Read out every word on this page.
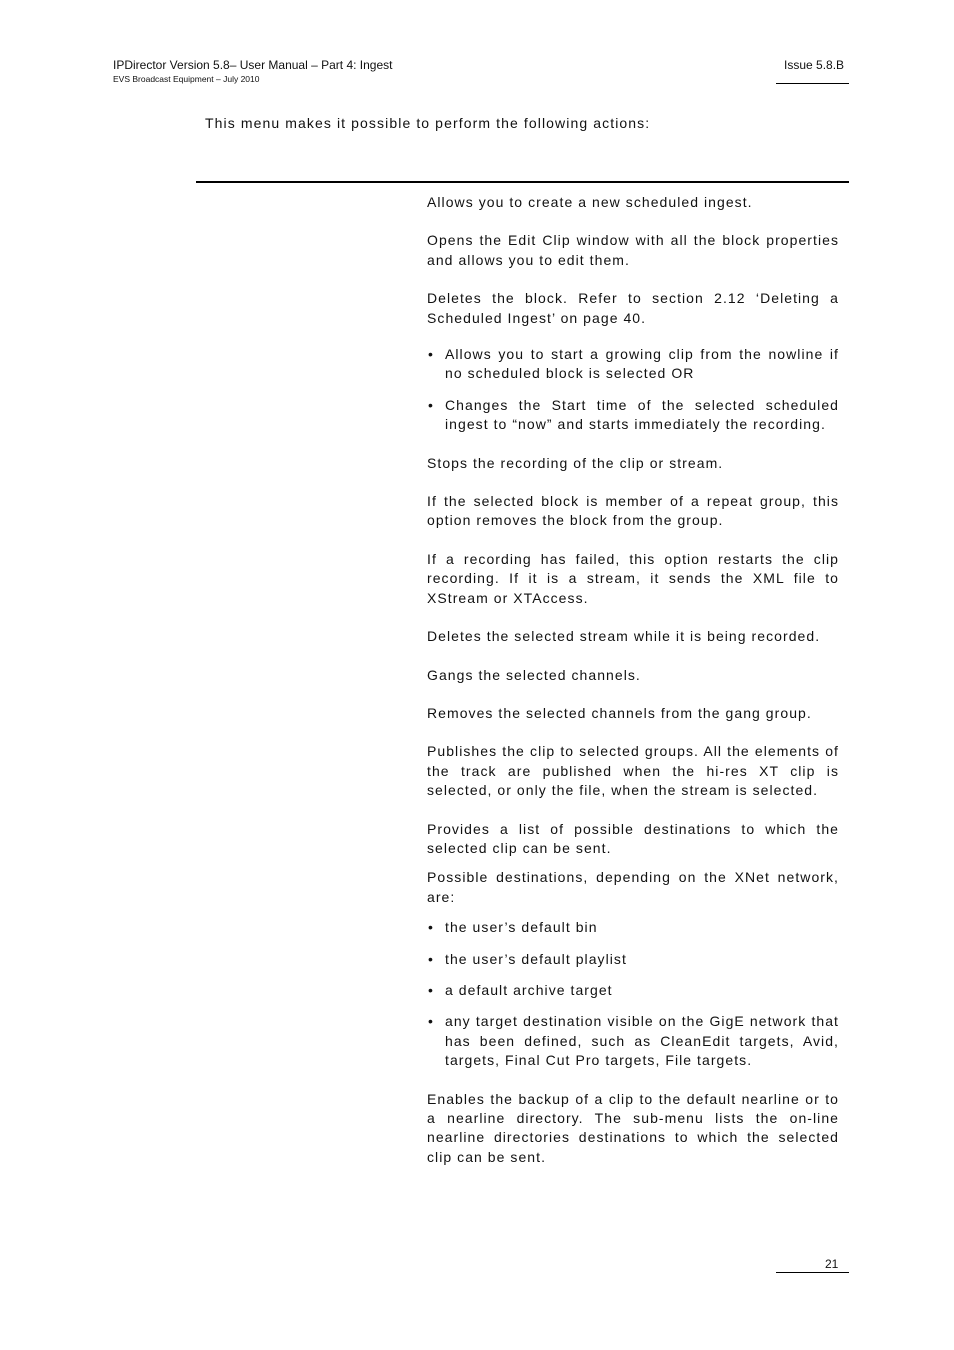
IPDirector Version 5.8– User Manual – Part 4: Ingest
EVS Broadcast Equipment – July 2010
Issue 5.8.B
This menu makes it possible to perform the following actions:

Allows you to create a new scheduled ingest.

Opens the Edit Clip window with all the block properties and allows you to edit them.

Deletes the block. Refer to section 2.12 ‘Deleting a Scheduled Ingest’ on page 40.

• Allows you to start a growing clip from the nowline if no scheduled block is selected OR
• Changes the Start time of the selected scheduled ingest to “now” and starts immediately the recording.

Stops the recording of the clip or stream.

If the selected block is member of a repeat group, this option removes the block from the group.

If a recording has failed, this option restarts the clip recording. If it is a stream, it sends the XML file to XStream or XTAccess.

Deletes the selected stream while it is being recorded.

Gangs the selected channels.

Removes the selected channels from the gang group.

Publishes the clip to selected groups. All the elements of the track are published when the hi-res XT clip is selected, or only the file, when the stream is selected.

Provides a list of possible destinations to which the selected clip can be sent.

Possible destinations, depending on the XNet network, are:

• the user’s default bin
• the user’s default playlist
• a default archive target
• any target destination visible on the GigE network that has been defined, such as CleanEdit targets, Avid, targets, Final Cut Pro targets, File targets.

Enables the backup of a clip to the default nearline or to a nearline directory. The sub-menu lists the on-line nearline directories destinations to which the selected clip can be sent.

21
